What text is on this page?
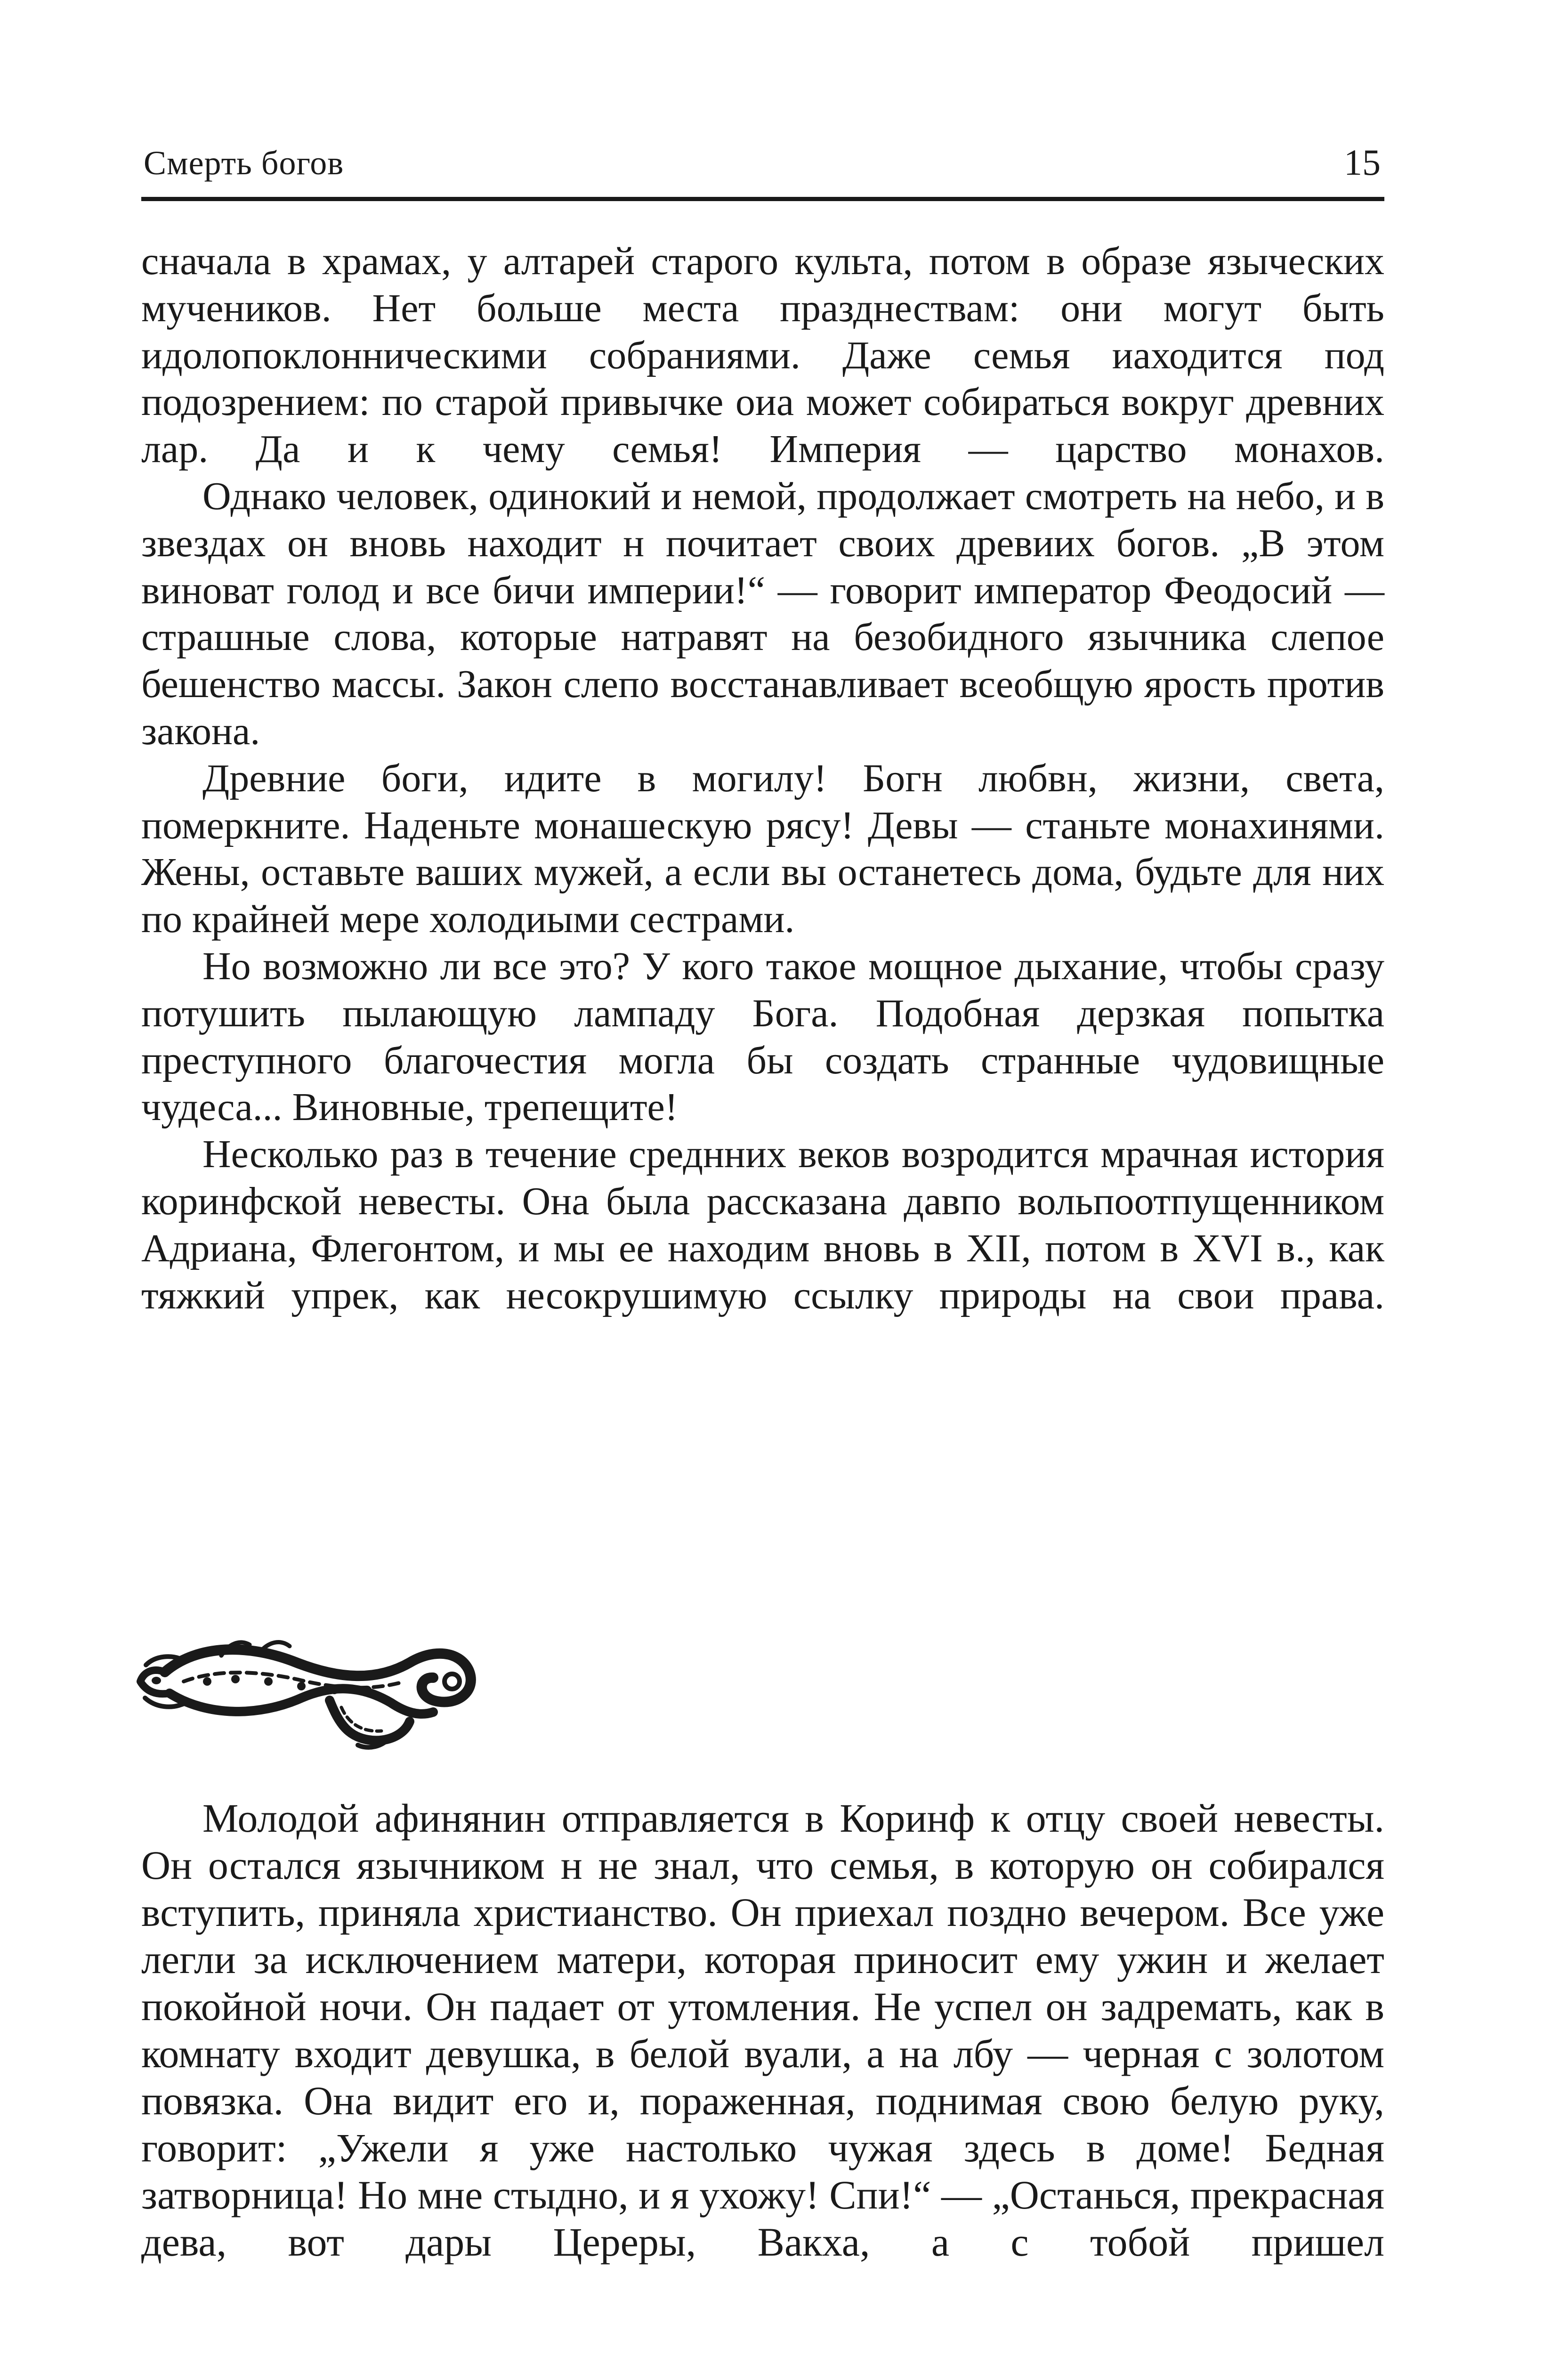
Смерть богов	15

сначала в храмах, у алтарей старого культа, потом в образе языческих мучеников. Нет больше места празднествам: они могут быть идолопоклонническими собраниями. Даже семья иаходится под подозрением: по старой привычке оиа может собираться вокруг древних лар. Да и к чему семья! Империя — царство монахов.

Однако человек, одинокий и немой, продолжает смотреть на небо, и в звездах он вновь находит н почитает своих древиих богов. „В этом виноват голод и все бичи империи!“ — говорит император Феодосий — страшные слова, которые натравят на безобидного язычника слепое бешенство массы. Закон слепо восстанавливает всеобщую ярость против закона.

Древние боги, идите в могилу! Богн любвн, жизни, света, померкните. Наденьте монашескую рясу! Девы — станьте монахинями. Жены, оставьте ваших мужей, а если вы останетесь дома, будьте для них по крайней мере холодиыми сестрами.

Но возможно ли все это? У кого такое мощное дыхание, чтобы сразу потушить пылающую лампаду Бога. Подобная дерзкая попытка преступного благочестия могла бы создать странные чудовищные чудеса... Виновные, трепещите!

Несколько раз в течение среднних веков возродится мрачная история коринфской невесты. Она была рассказана давпо вольпоотпущенником Адриана, Флегонтом, и мы ее находим вновь в XII, потом в XVI в., как тяжкий упрек, как несокрушимую ссылку природы на свои права.

Молодой афинянин отправляется в Коринф к отцу своей невесты. Он остался язычником н не знал, что семья, в которую он собирался вступить, приняла христианство. Он приехал поздно вечером. Все уже легли за исключением матери, которая приносит ему ужин и желает покойной ночи. Он падает от утомления. Не успел он задремать, как в комнату входит девушка, в белой вуали, а на лбу — черная с золотом повязка. Она видит его и, пораженная, поднимая свою белую руку, говорит: „Ужели я уже настолько чужая здесь в доме! Бедная затворница! Но мне стыдно, и я ухожу! Спи!“ — „Останься, прекрасная дева, вот дары Цереры, Вакха, а с тобой пришел
